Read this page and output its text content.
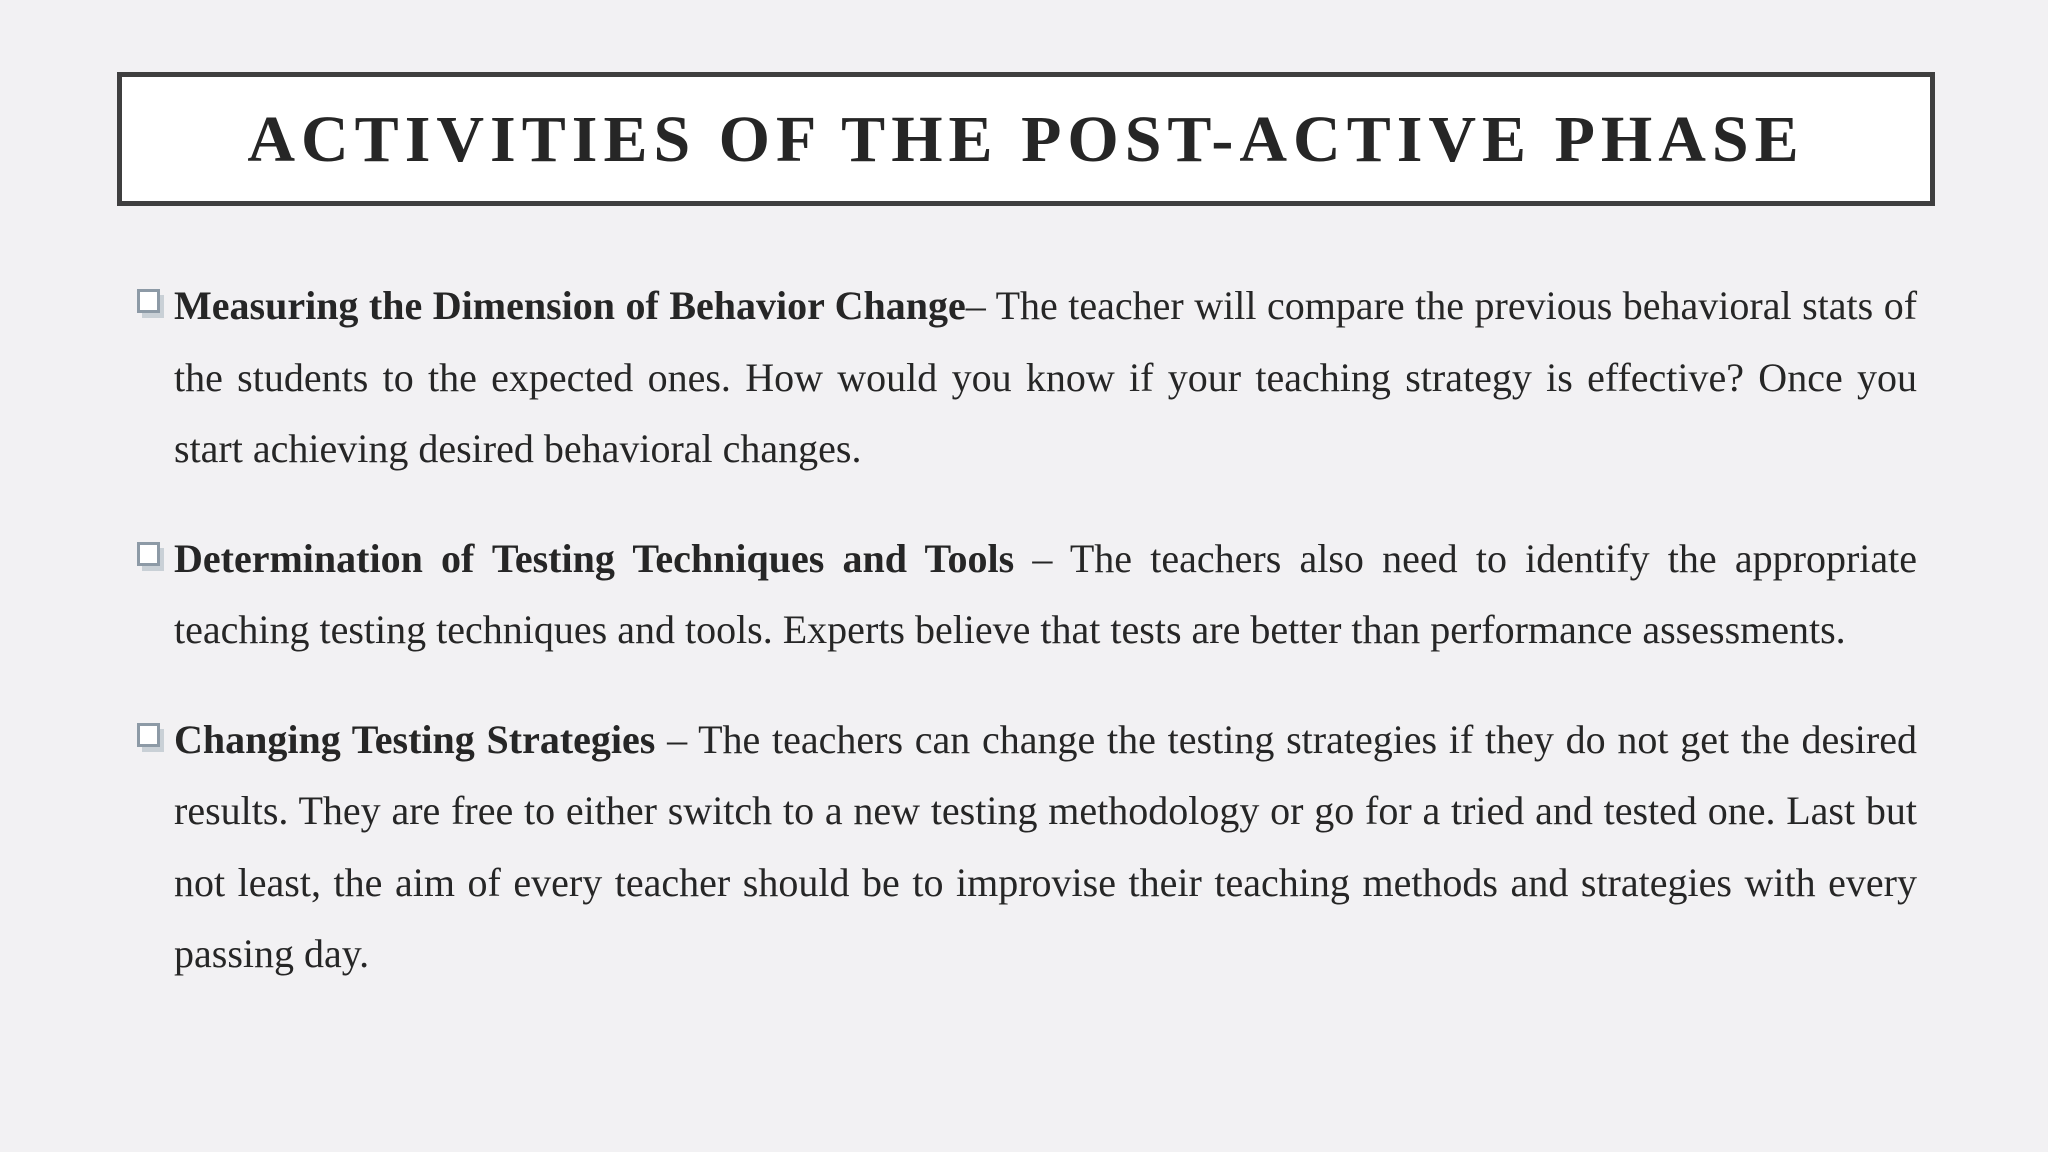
ACTIVITIES OF THE POST-ACTIVE PHASE
Measuring the Dimension of Behavior Change– The teacher will compare the previous behavioral stats of the students to the expected ones. How would you know if your teaching strategy is effective? Once you start achieving desired behavioral changes.
Determination of Testing Techniques and Tools – The teachers also need to identify the appropriate teaching testing techniques and tools. Experts believe that tests are better than performance assessments.
Changing Testing Strategies – The teachers can change the testing strategies if they do not get the desired results. They are free to either switch to a new testing methodology or go for a tried and tested one. Last but not least, the aim of every teacher should be to improvise their teaching methods and strategies with every passing day.
